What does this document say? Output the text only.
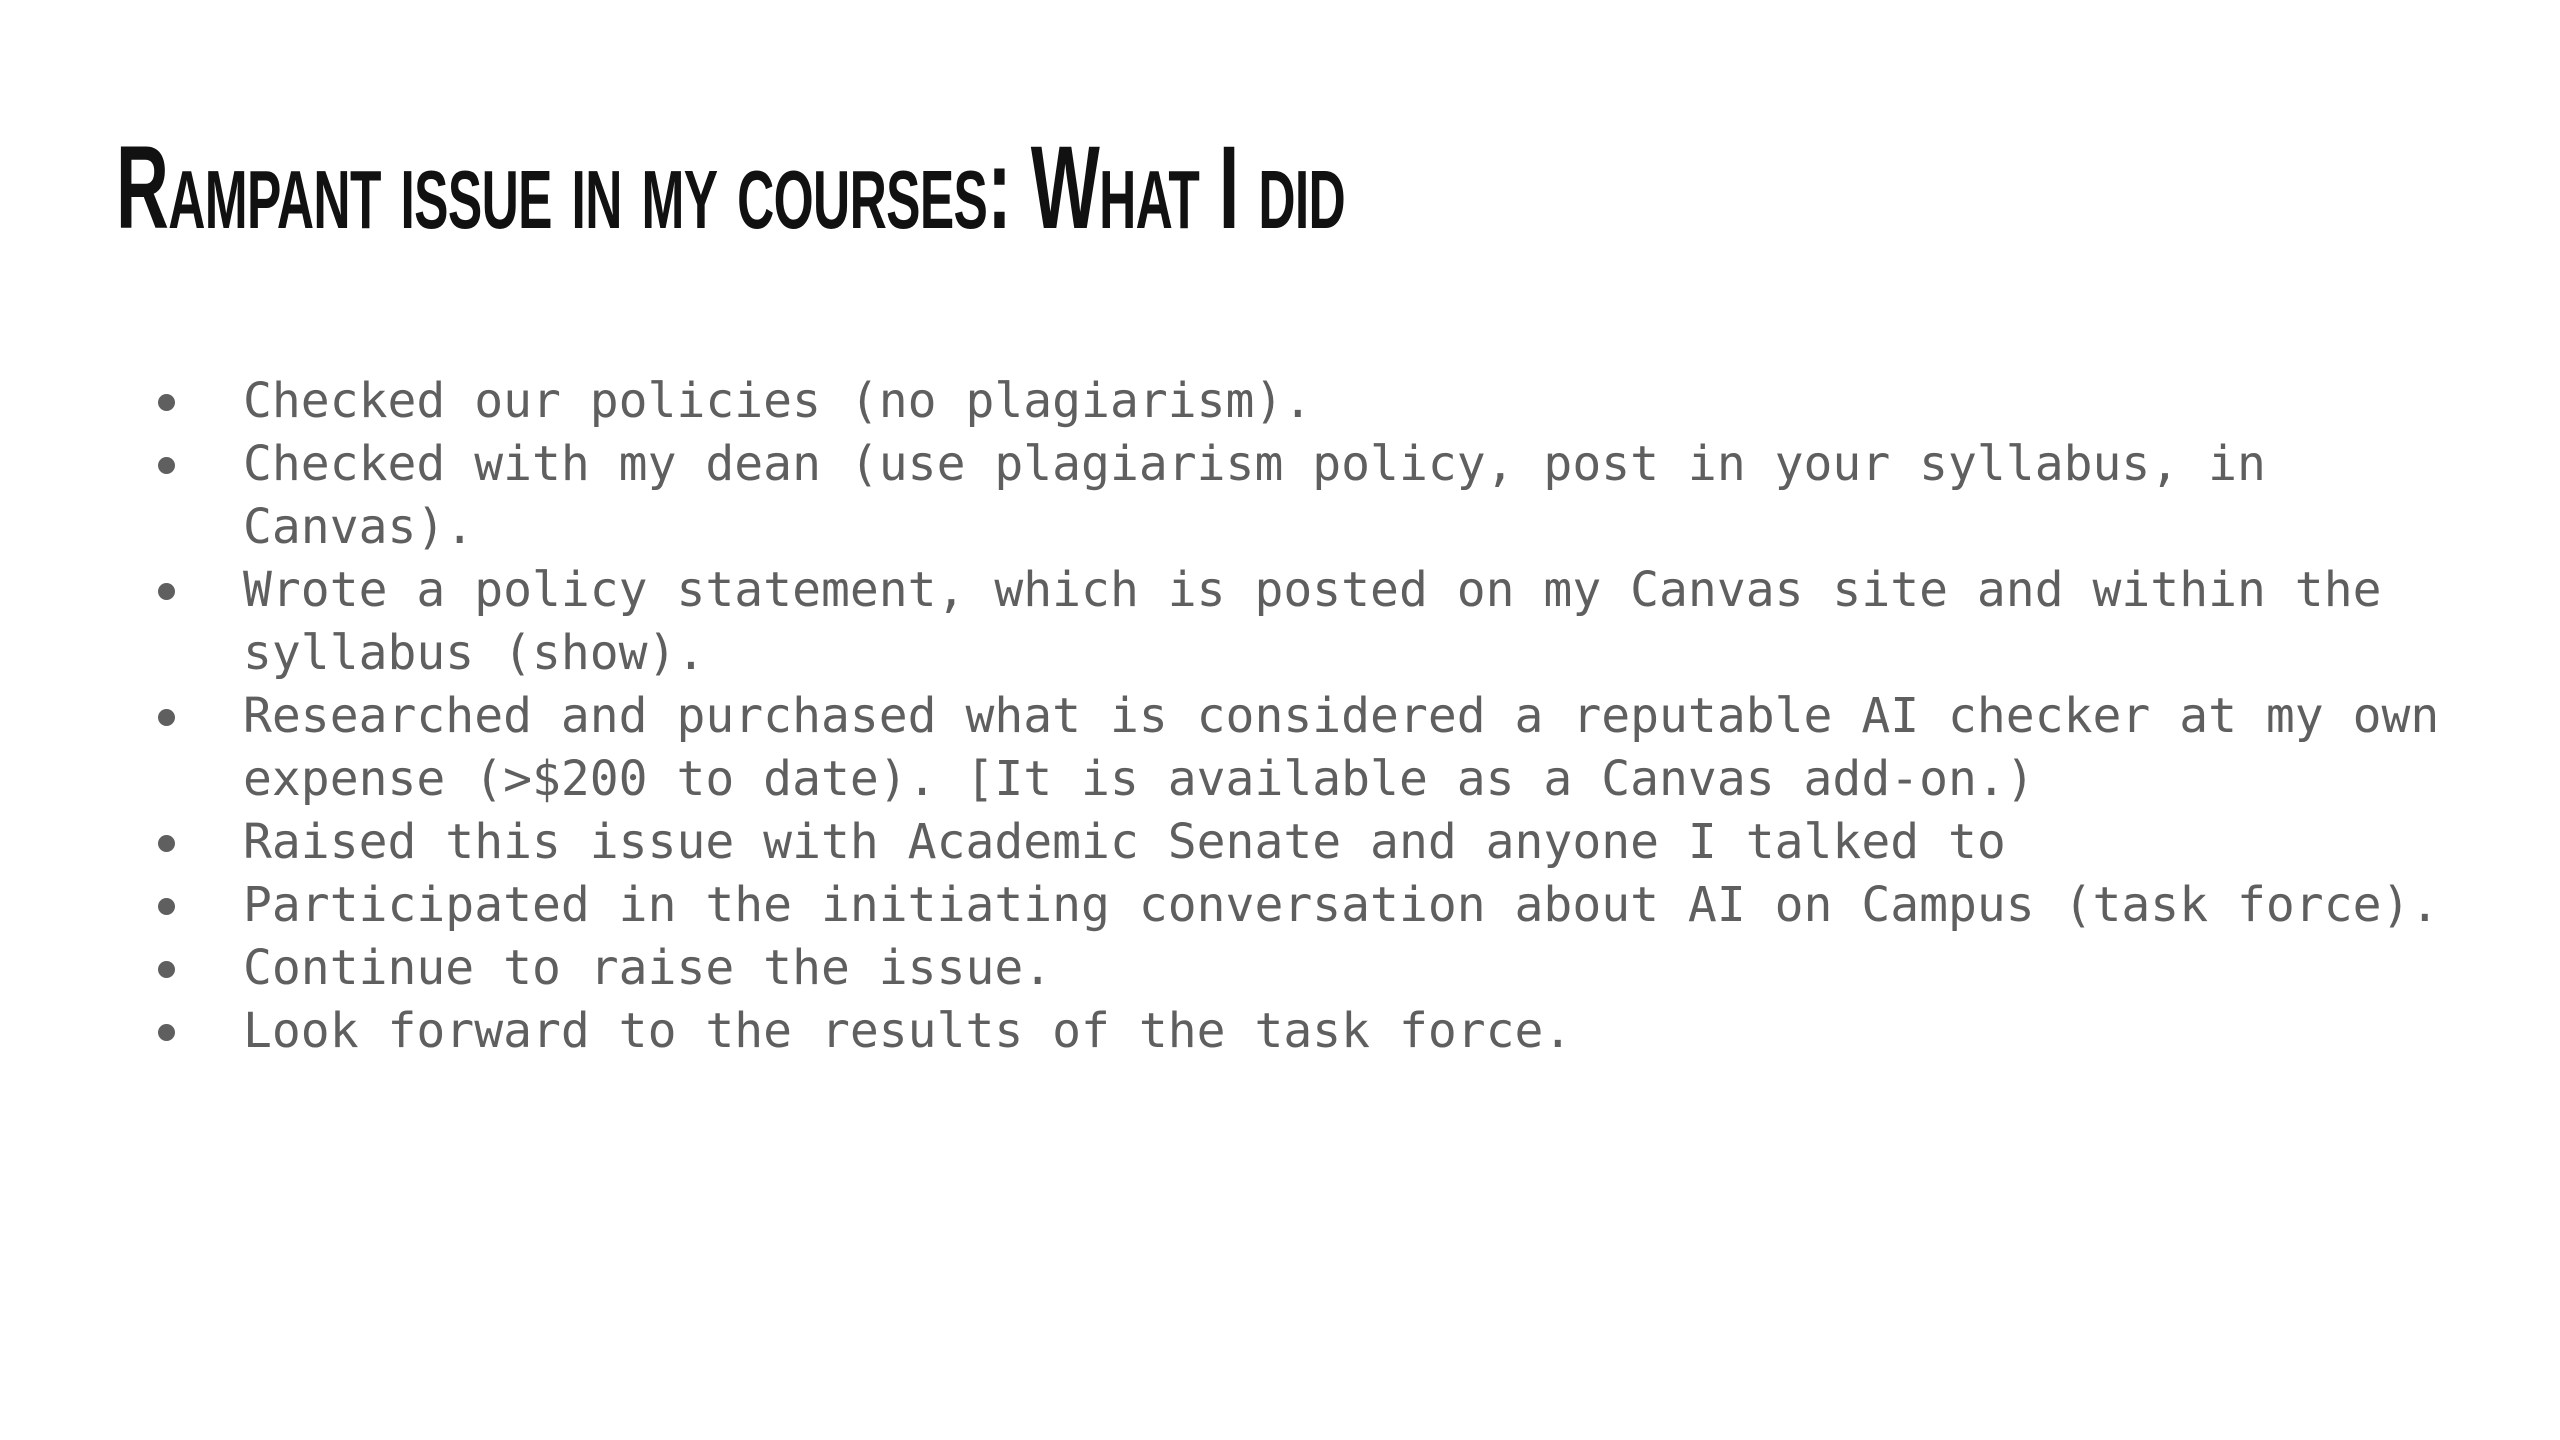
Rampant issue in my courses: What I did
Checked our policies (no plagiarism).
Checked with my dean (use plagiarism policy, post in your syllabus, in Canvas).
Wrote a policy statement, which is posted on my Canvas site and within the syllabus (show).
Researched and purchased what is considered a reputable AI checker at my own expense (>$200 to date). [It is available as a Canvas add-on.)
Raised this issue with Academic Senate and anyone I talked to
Participated in the initiating conversation about AI on Campus (task force).
Continue to raise the issue.
Look forward to the results of the task force.
